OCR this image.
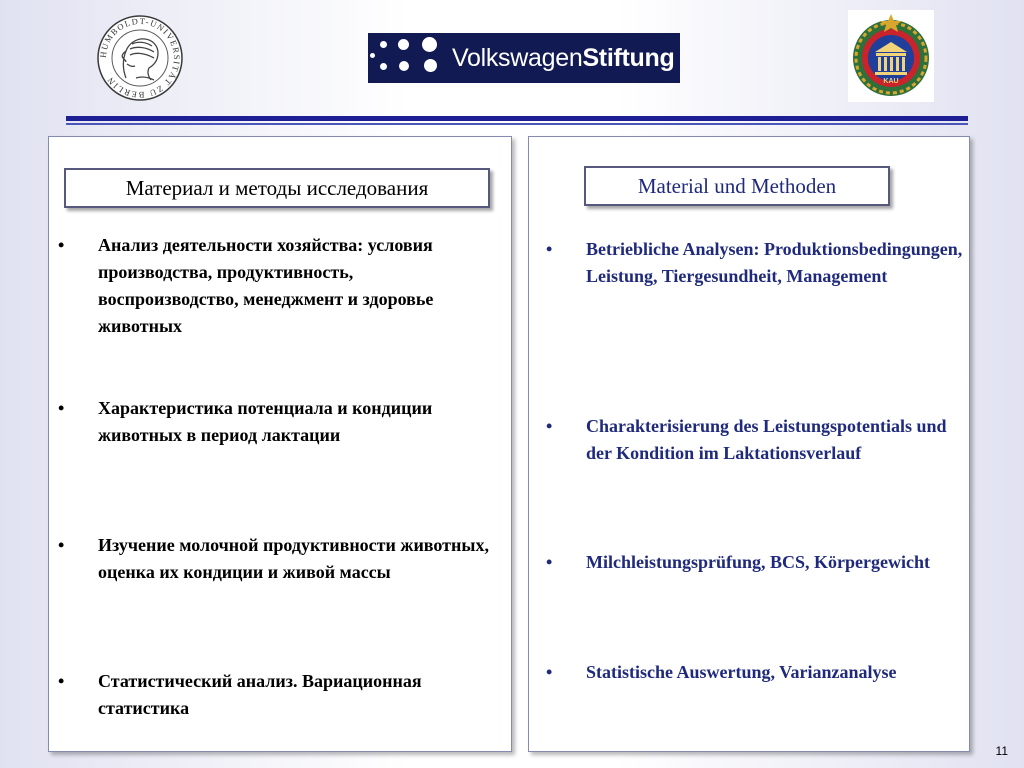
HUMBOLDT-UNIVERSITÄT ZU BERLIN
VolkswagenStiftung
KAU
Материал и методы исследования	Material und Methoden
• Анализ деятельности хозяйства: условия производства, продуктивность, воспроизводство, менеджмент и здоровье животных
• Характеристика потенциала и кондиции животных в период лактации
• Изучение молочной продуктивности животных, оценка их кондиции и живой массы
• Статистический анализ. Вариационная статистика
• Betriebliche Analysen: Produktionsbedingungen, Leistung, Tiergesundheit, Management
• Charakterisierung des Leistungspotentials und der Kondition im Laktationsverlauf
• Milchleistungsprüfung, BCS, Körpergewicht
• Statistische Auswertung, Varianzanalyse
11
